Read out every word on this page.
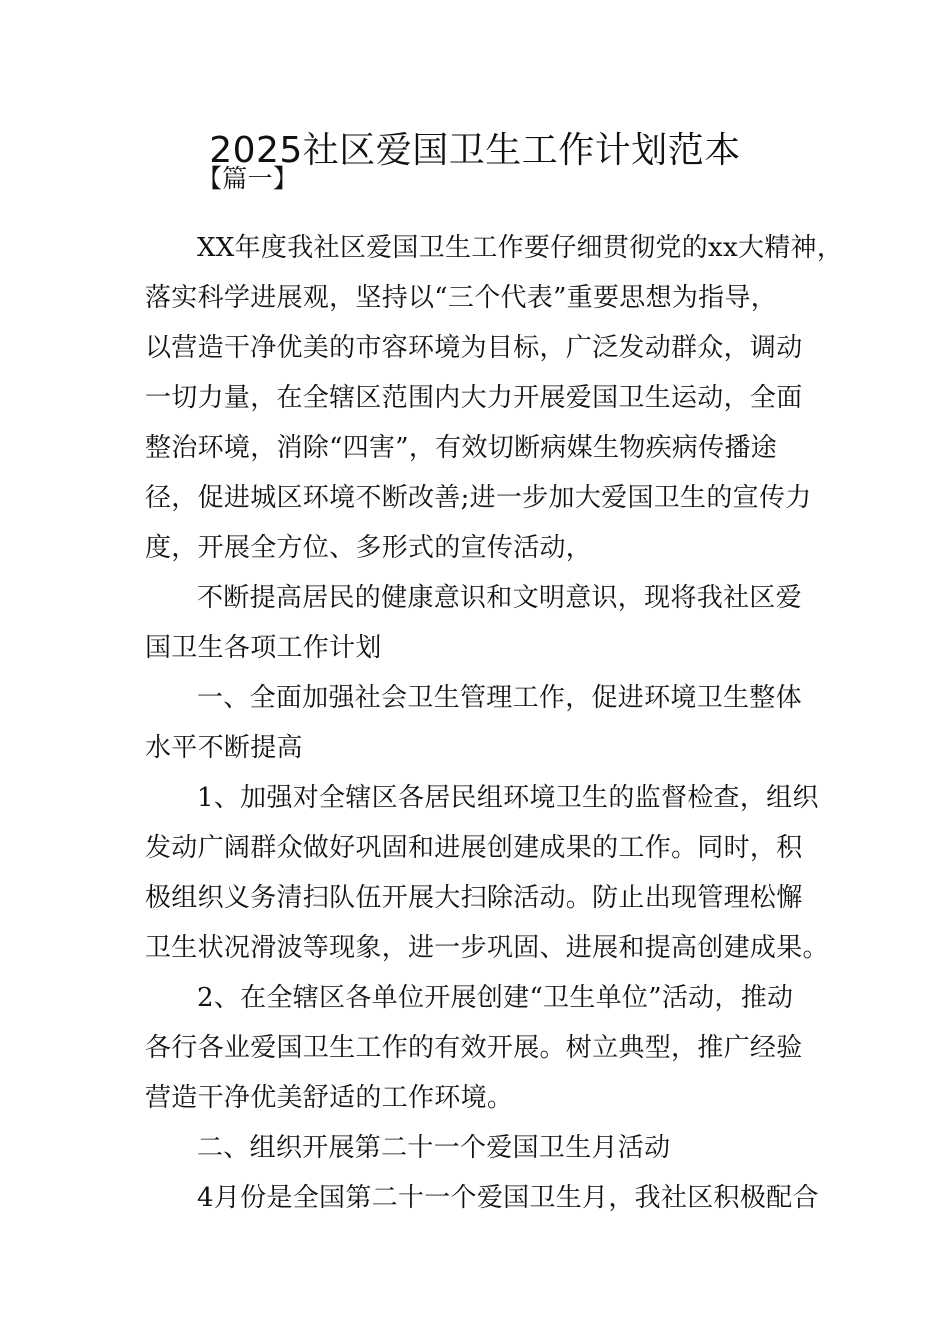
2025社区爱国卫生工作计划范本
【篇一】
XX年度我社区爱国卫生工作要仔细贯彻党的xx大精神，
落实科学进展观，坚持以“三个代表”重要思想为指导，
以营造干净优美的市容环境为目标，广泛发动群众，调动
一切力量，在全辖区范围内大力开展爱国卫生运动，全面
整治环境，消除“四害”，有效切断病媒生物疾病传播途
径，促进城区环境不断改善;进一步加大爱国卫生的宣传力
度，开展全方位、多形式的宣传活动，
不断提高居民的健康意识和文明意识，现将我社区爱
国卫生各项工作计划
一、全面加强社会卫生管理工作，促进环境卫生整体
水平不断提高
1、加强对全辖区各居民组环境卫生的监督检查，组织
发动广阔群众做好巩固和进展创建成果的工作。同时，积
极组织义务清扫队伍开展大扫除活动。防止出现管理松懈
卫生状况滑波等现象，进一步巩固、进展和提高创建成果。
2、在全辖区各单位开展创建“卫生单位”活动，推动
各行各业爱国卫生工作的有效开展。树立典型，推广经验
营造干净优美舒适的工作环境。
二、组织开展第二十一个爱国卫生月活动
4月份是全国第二十一个爱国卫生月，我社区积极配合
